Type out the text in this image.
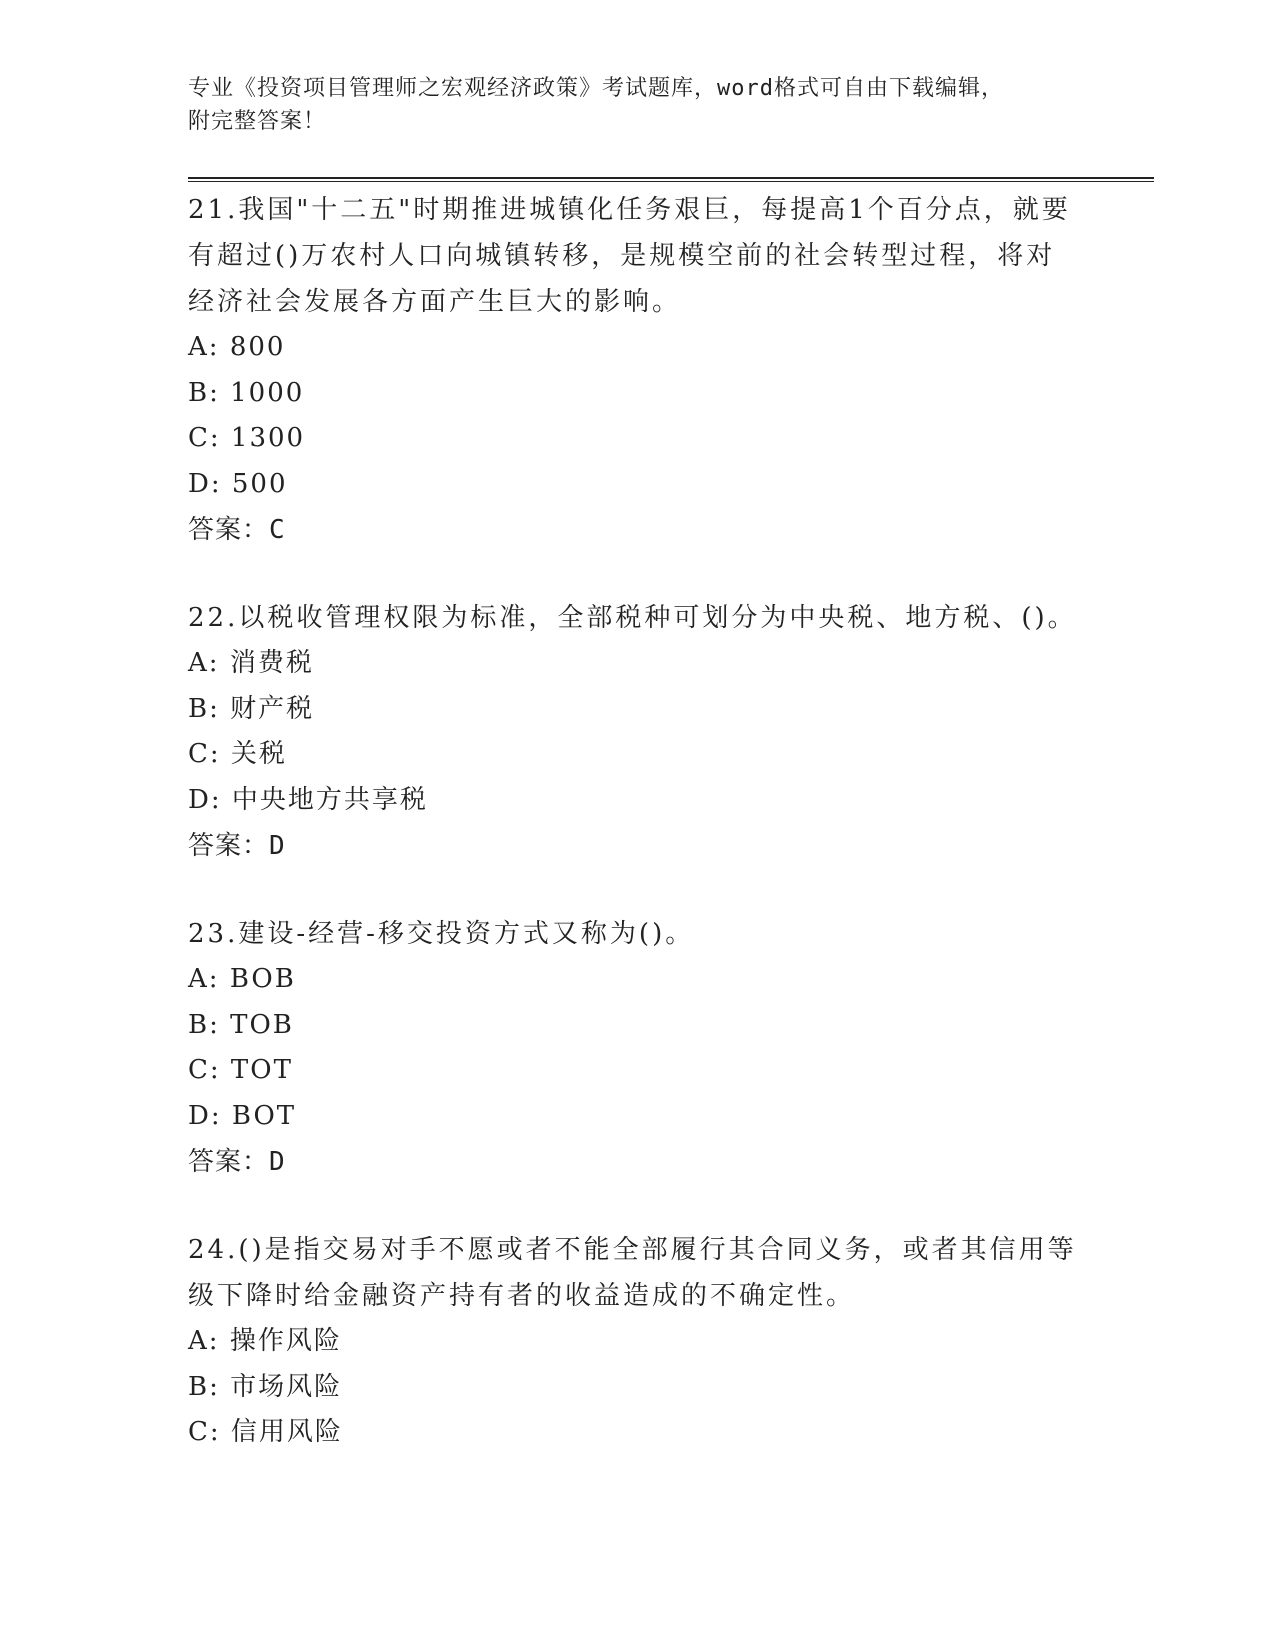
专业《投资项目管理师之宏观经济政策》考试题库，word格式可自由下载编辑，
附完整答案！

21.我国"十二五"时期推进城镇化任务艰巨，每提高1个百分点，就要

有超过()万农村人口向城镇转移，是规模空前的社会转型过程，将对

经济社会发展各方面产生巨大的影响。

A: 800

B: 1000

C: 1300

D: 500

答案：C

22.以税收管理权限为标准，全部税种可划分为中央税、地方税、()。

A: 消费税

B: 财产税

C: 关税

D: 中央地方共享税

答案：D

23.建设-经营-移交投资方式又称为()。

A: BOB

B: TOB

C: TOT

D: BOT

答案：D

24.()是指交易对手不愿或者不能全部履行其合同义务，或者其信用等

级下降时给金融资产持有者的收益造成的不确定性。

A: 操作风险

B: 市场风险

C: 信用风险
